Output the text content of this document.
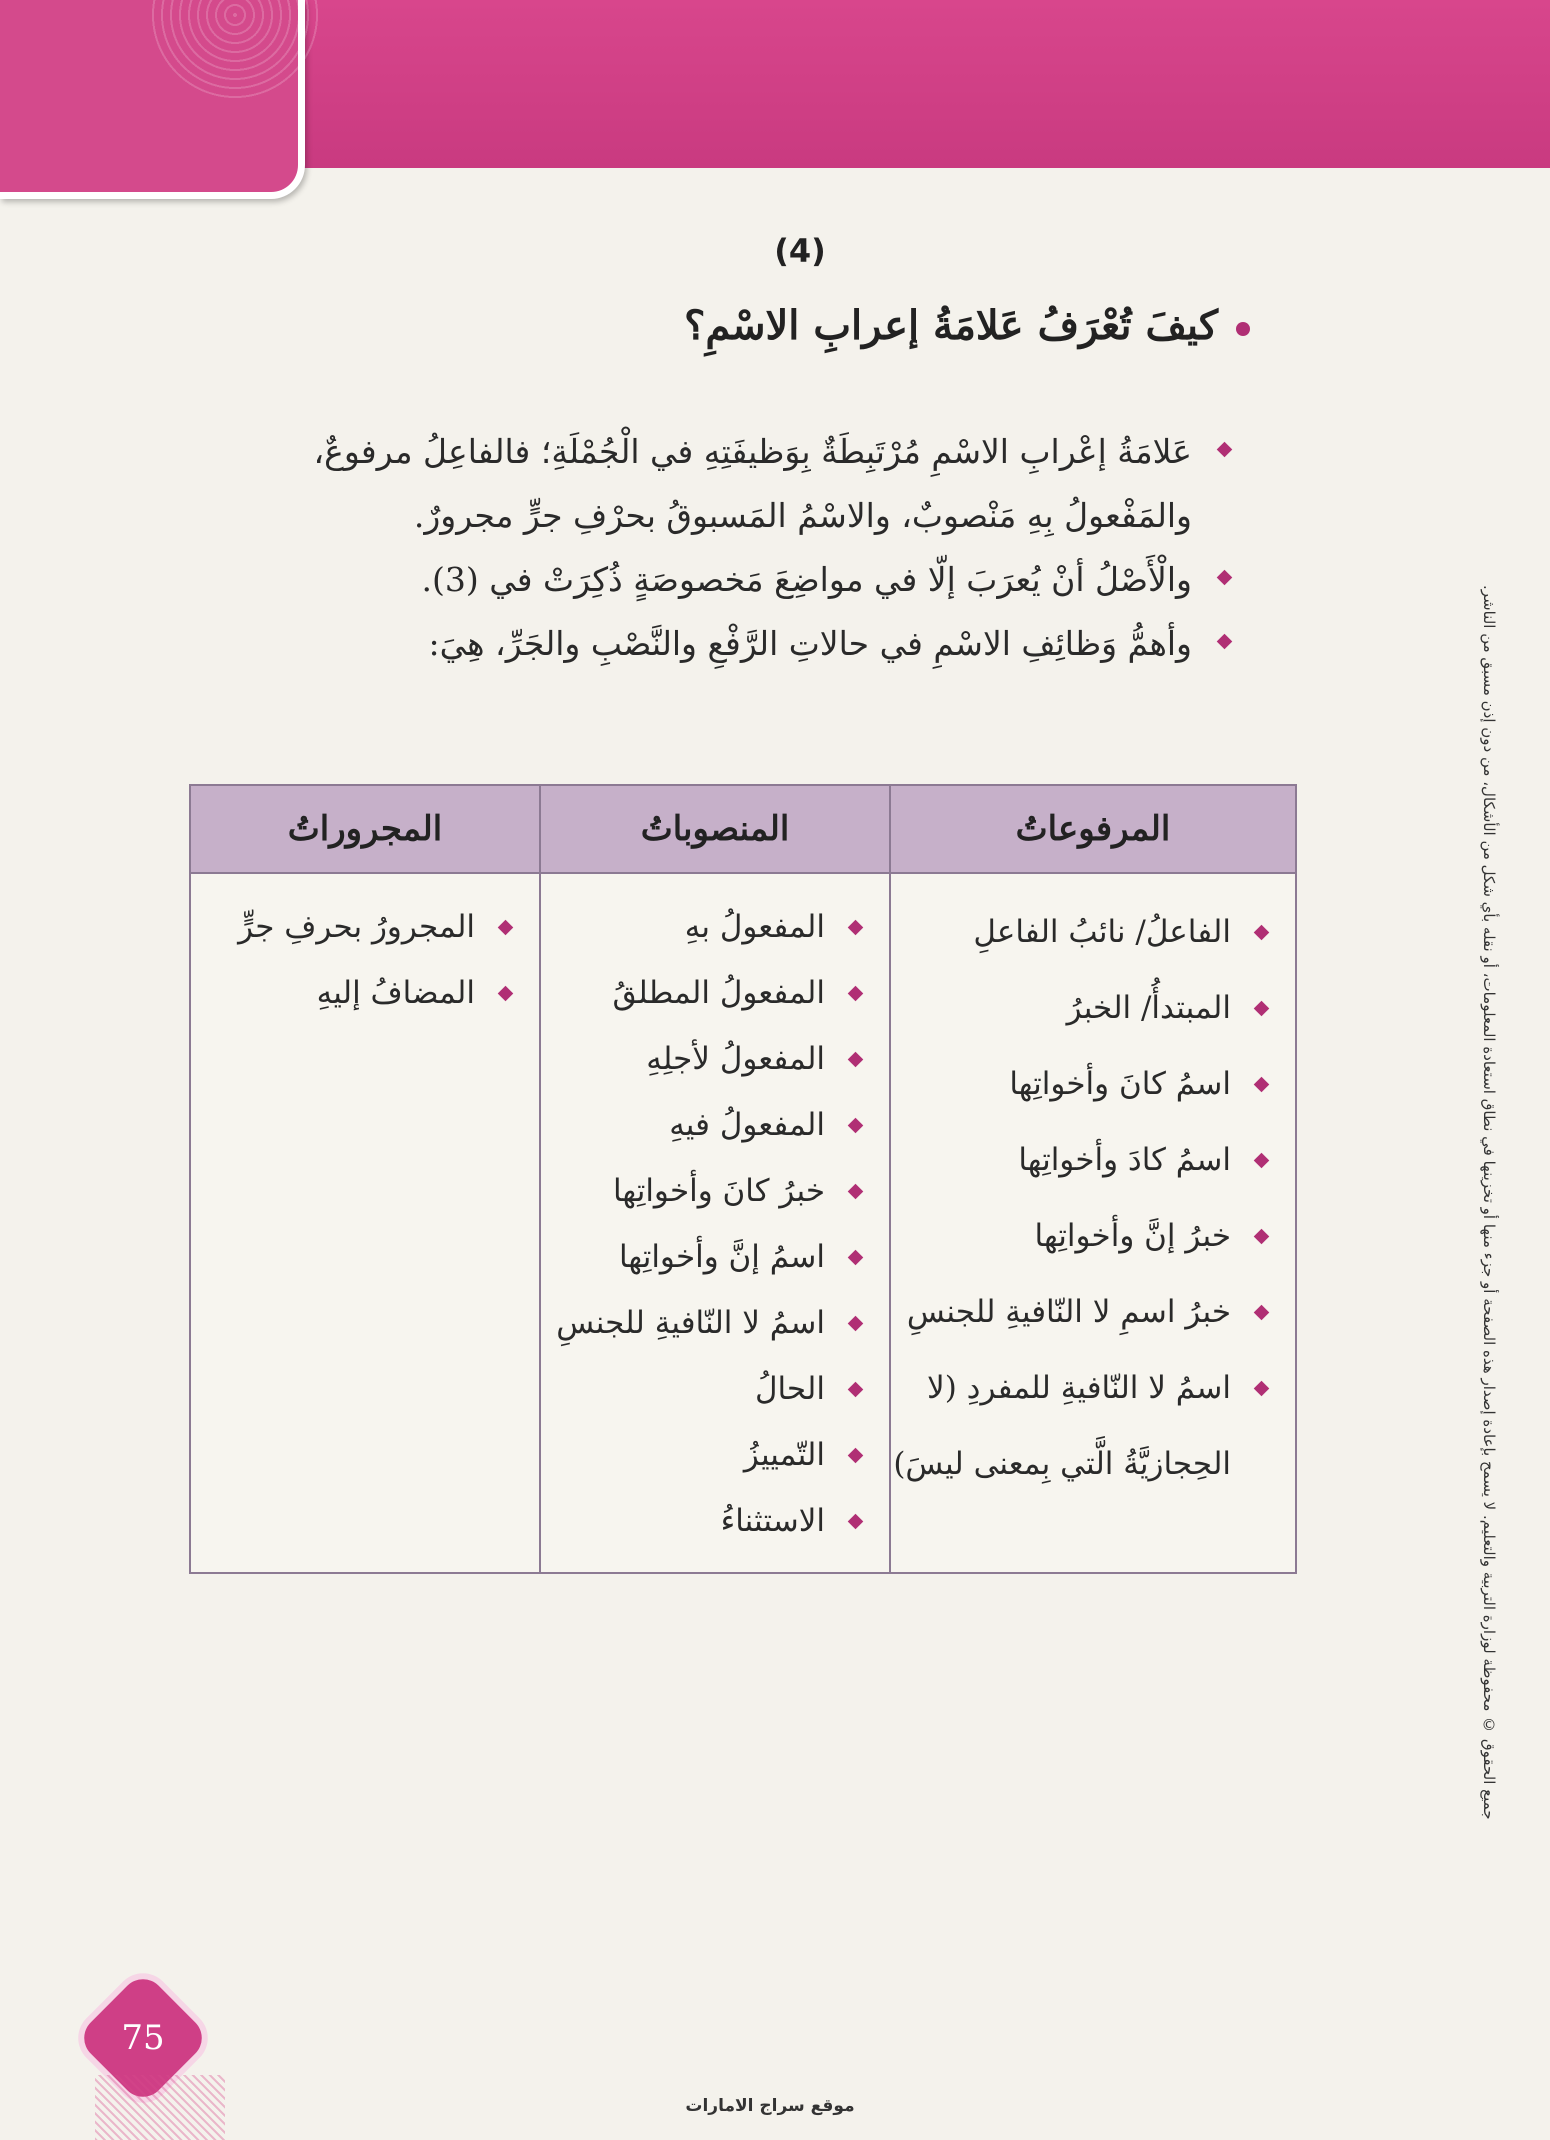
(4)
كيفَ تُعْرَفُ عَلامَةُ إعرابِ الاسْمِ؟
عَلامَةُ إعْرابِ الاسْمِ مُرْتَبِطَةٌ بِوَظيفَتِهِ في الْجُمْلَةِ؛ فالفاعِلُ مرفوعٌ، والمَفْعولُ بِهِ مَنْصوبٌ، والاسْمُ المَسبوقُ بحرْفِ جرٍّ مجرورٌ.
والْأَصْلُ أنْ يُعرَبَ إلّا في مواضِعَ مَخصوصَةٍ ذُكِرَتْ في (3).
وأهمُّ وَظائِفِ الاسْمِ في حالاتِ الرَّفْعِ والنَّصْبِ والجَرِّ، هِيَ:
المرفوعاتُ
الفاعلُ/ نائبُ الفاعلِ
المبتدأُ/ الخبرُ
اسمُ كانَ وأخواتِها
اسمُ كادَ وأخواتِها
خبرُ إنَّ وأخواتِها
خبرُ اسمِ لا النّافيةِ للجنسِ
اسمُ لا النّافيةِ للمفردِ (لا الحِجازيَّةُ الَّتي بِمعنى ليسَ)
المنصوباتُ
المفعولُ بهِ
المفعولُ المطلقُ
المفعولُ لأجلِهِ
المفعولُ فيهِ
خبرُ كانَ وأخواتِها
اسمُ إنَّ وأخواتِها
اسمُ لا النّافيةِ للجنسِ
الحالُ
التّمييزُ
الاستثناءُ
المجروراتُ
المجرورُ بحرفِ جرٍّ
المضافُ إليهِ	جميع الحقوق © محفوظة لوزارة التربية والتعليم. لا يسمح بإعادة إصدار هذه الصفحة أو جزء منها أو تخزينها في نطاق استعادة المعلومات، أو نقله بأي شكل من الأشكال، من دون إذن مسبق من الناشر.
75
موقع سراج الامارات
